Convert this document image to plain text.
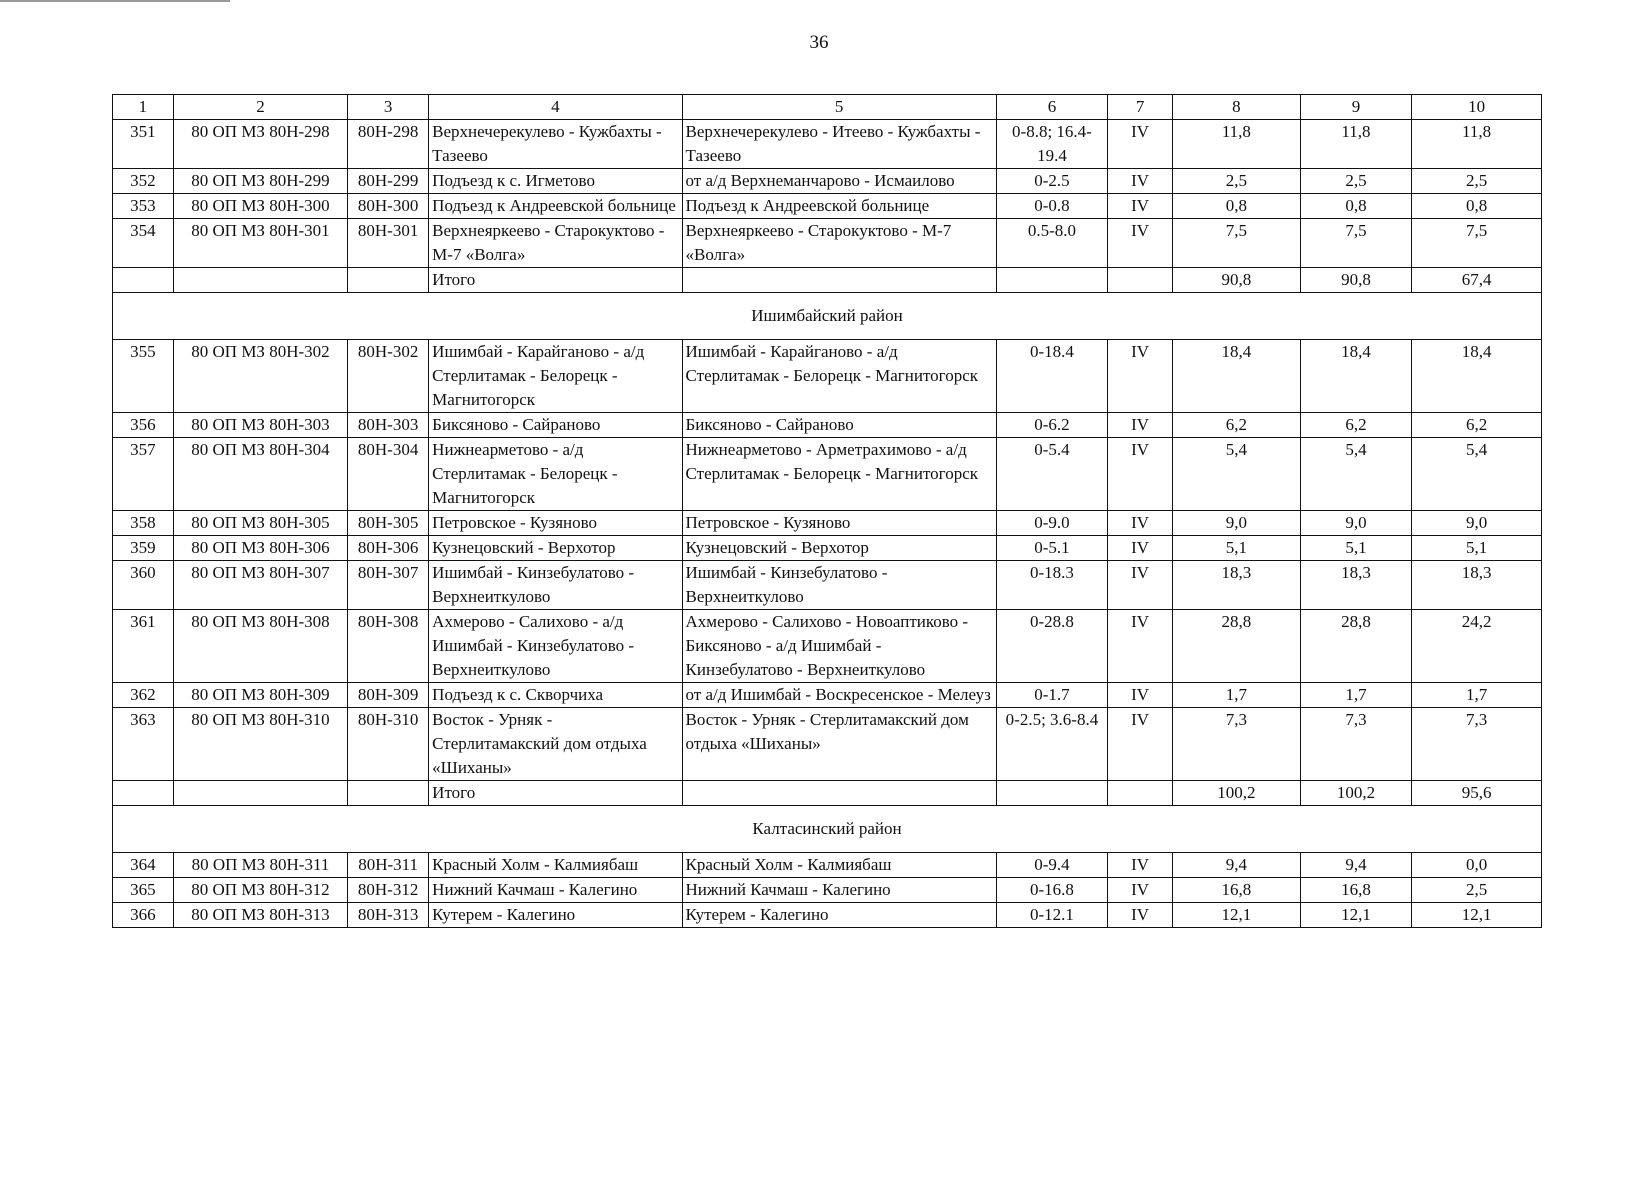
36
1	2	3	4	5	6	7	8	9	10
351	80 ОП МЗ 80Н-298	80Н-298	Верхнечерекулево - Кужбахты - Тазеево	Верхнечерекулево - Итеево - Кужбахты - Тазеево	0-8.8; 16.4-19.4	IV	11,8	11,8	11,8
352	80 ОП МЗ 80Н-299	80Н-299	Подъезд к с. Игметово	от а/д Верхнеманчарово - Исмаилово	0-2.5	IV	2,5	2,5	2,5
353	80 ОП МЗ 80Н-300	80Н-300	Подъезд к Андреевской больнице	Подъезд к Андреевской больнице	0-0.8	IV	0,8	0,8	0,8
354	80 ОП МЗ 80Н-301	80Н-301	Верхнеяркеево - Старокуктово - М-7 «Волга»	Верхнеяркеево - Старокуктово - М-7 «Волга»	0.5-8.0	IV	7,5	7,5	7,5
			Итого				90,8	90,8	67,4
Ишимбайский район									
355	80 ОП МЗ 80Н-302	80Н-302	Ишимбай - Карайганово - а/д Стерлитамак - Белорецк - Магнитогорск	Ишимбай - Карайганово - а/д Стерлитамак - Белорецк - Магнитогорск	0-18.4	IV	18,4	18,4	18,4
356	80 ОП МЗ 80Н-303	80Н-303	Биксяново - Сайраново	Биксяново - Сайраново	0-6.2	IV	6,2	6,2	6,2
357	80 ОП МЗ 80Н-304	80Н-304	Нижнеарметово - а/д Стерлитамак - Белорецк - Магнитогорск	Нижнеарметово - Арметрахимово - а/д Стерлитамак - Белорецк - Магнитогорск	0-5.4	IV	5,4	5,4	5,4
358	80 ОП МЗ 80Н-305	80Н-305	Петровское - Кузяново	Петровское - Кузяново	0-9.0	IV	9,0	9,0	9,0
359	80 ОП МЗ 80Н-306	80Н-306	Кузнецовский - Верхотор	Кузнецовский - Верхотор	0-5.1	IV	5,1	5,1	5,1
360	80 ОП МЗ 80Н-307	80Н-307	Ишимбай - Кинзебулатово - Верхнеиткулово	Ишимбай - Кинзебулатово - Верхнеиткулово	0-18.3	IV	18,3	18,3	18,3
361	80 ОП МЗ 80Н-308	80Н-308	Ахмерово - Салихово - а/д Ишимбай - Кинзебулатово - Верхнеиткулово	Ахмерово - Салихово - Новоаптиково - Биксяново - а/д Ишимбай - Кинзебулатово - Верхнеиткулово	0-28.8	IV	28,8	28,8	24,2
362	80 ОП МЗ 80Н-309	80Н-309	Подъезд к с. Скворчиха	от а/д Ишимбай - Воскресенское - Мелеуз	0-1.7	IV	1,7	1,7	1,7
363	80 ОП МЗ 80Н-310	80Н-310	Восток - Урняк - Стерлитамакский дом отдыха «Шиханы»	Восток - Урняк - Стерлитамакский дом отдыха «Шиханы»	0-2.5; 3.6-8.4	IV	7,3	7,3	7,3
			Итого				100,2	100,2	95,6
Калтасинский район									
364	80 ОП МЗ 80Н-311	80Н-311	Красный Холм - Калмиябаш	Красный Холм - Калмиябаш	0-9.4	IV	9,4	9,4	0,0
365	80 ОП МЗ 80Н-312	80Н-312	Нижний Качмаш - Калегино	Нижний Качмаш - Калегино	0-16.8	IV	16,8	16,8	2,5
366	80 ОП МЗ 80Н-313	80Н-313	Кутерем - Калегино	Кутерем - Калегино	0-12.1	IV	12,1	12,1	12,1
